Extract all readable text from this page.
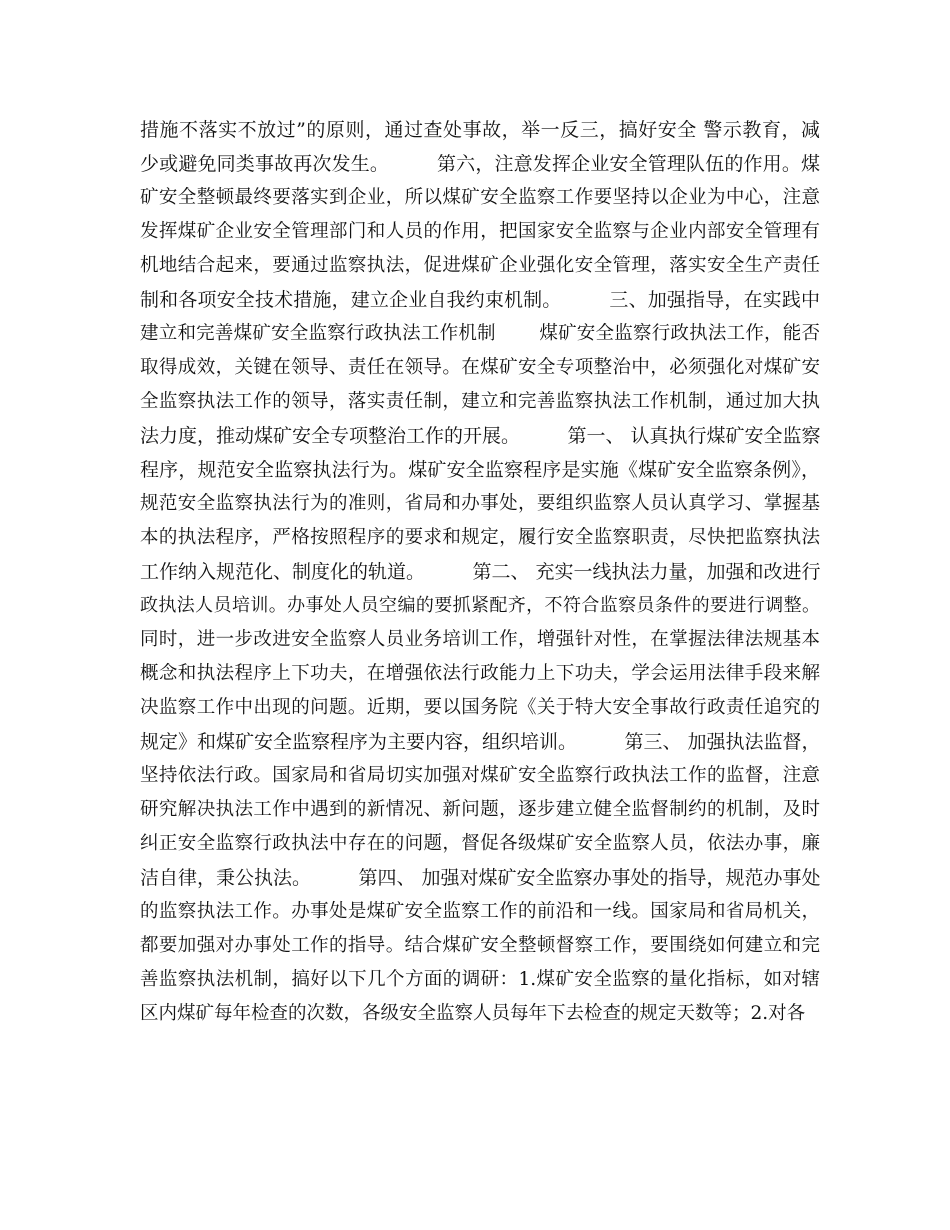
措施不落实不放过”的原则，通过查处事故，举一反三，搞好安全 警示教育，减
少或避免同类事故再次发生。　　　第六，注意发挥企业安全管理队伍的作用。煤
矿安全整顿最终要落实到企业，所以煤矿安全监察工作要坚持以企业为中心，注意
发挥煤矿企业安全管理部门和人员的作用，把国家安全监察与企业内部安全管理有
机地结合起来，要通过监察执法，促进煤矿企业强化安全管理，落实安全生产责任
制和各项安全技术措施，建立企业自我约束机制。　　　三、加强指导，在实践中
建立和完善煤矿安全监察行政执法工作机制　　 煤矿安全监察行政执法工作，能否
取得成效，关键在领导、责任在领导。在煤矿安全专项整治中，必须强化对煤矿安
全监察执法工作的领导，落实责任制，建立和完善监察执法工作机制，通过加大执
法力度，推动煤矿安全专项整治工作的开展。　　　第一、 认真执行煤矿安全监察
程序，规范安全监察执法行为。煤矿安全监察程序是实施《煤矿安全监察条例》，
规范安全监察执法行为的准则，省局和办事处，要组织监察人员认真学习、掌握基
本的执法程序，严格按照程序的要求和规定，履行安全监察职责，尽快把监察执法
工作纳入规范化、制度化的轨道。　　　第二、 充实一线执法力量，加强和改进行
政执法人员培训。办事处人员空编的要抓紧配齐，不符合监察员条件的要进行调整。
同时，进一步改进安全监察人员业务培训工作，增强针对性，在掌握法律法规基本
概念和执法程序上下功夫，在增强依法行政能力上下功夫，学会运用法律手段来解
决监察工作中出现的问题。近期，要以国务院《关于特大安全事故行政责任追究的
规定》和煤矿安全监察程序为主要内容，组织培训。　　　第三、 加强执法监督，
坚持依法行政。国家局和省局切实加强对煤矿安全监察行政执法工作的监督，注意
研究解决执法工作中遇到的新情况、新问题，逐步建立健全监督制约的机制，及时
纠正安全监察行政执法中存在的问题，督促各级煤矿安全监察人员，依法办事，廉
洁自律，秉公执法。　　　第四、 加强对煤矿安全监察办事处的指导，规范办事处
的监察执法工作。办事处是煤矿安全监察工作的前沿和一线。国家局和省局机关，
都要加强对办事处工作的指导。结合煤矿安全整顿督察工作，要围绕如何建立和完
善监察执法机制，搞好以下几个方面的调研：1.煤矿安全监察的量化指标，如对辖
区内煤矿每年检查的次数，各级安全监察人员每年下去检查的规定天数等；2.对各
